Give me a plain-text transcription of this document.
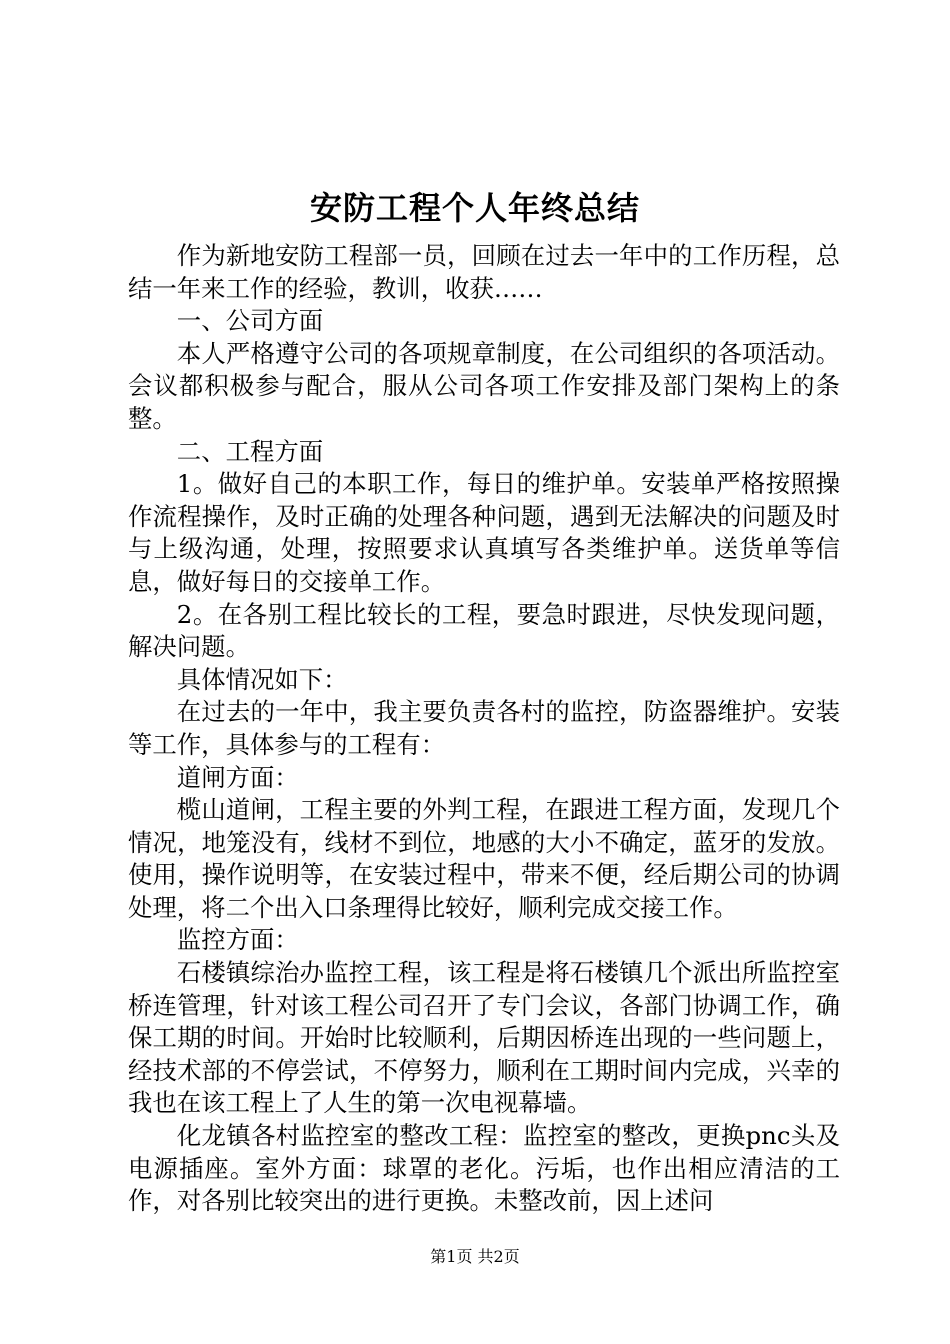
安防工程个人年终总结

作为新地安防工程部一员，回顾在过去一年中的工作历程，总结一年来工作的经验，教训，收获……

一、公司方面

本人严格遵守公司的各项规章制度，在公司组织的各项活动。会议都积极参与配合，服从公司各项工作安排及部门架构上的条整。

二、工程方面

1。做好自己的本职工作，每日的维护单。安装单严格按照操作流程操作，及时正确的处理各种问题，遇到无法解决的问题及时与上级沟通，处理，按照要求认真填写各类维护单。送货单等信息，做好每日的交接单工作。

2。在各别工程比较长的工程，要急时跟进，尽快发现问题，解决问题。

具体情况如下：

在过去的一年中，我主要负责各村的监控，防盗器维护。安装等工作，具体参与的工程有：

道闸方面：

榄山道闸，工程主要的外判工程，在跟进工程方面，发现几个情况，地笼没有，线材不到位，地感的大小不确定，蓝牙的发放。使用，操作说明等，在安装过程中，带来不便，经后期公司的协调处理，将二个出入口条理得比较好，顺利完成交接工作。

监控方面：

石楼镇综治办监控工程，该工程是将石楼镇几个派出所监控室桥连管理，针对该工程公司召开了专门会议，各部门协调工作，确保工期的时间。开始时比较顺利，后期因桥连出现的一些问题上，经技术部的不停尝试，不停努力，顺利在工期时间内完成，兴幸的我也在该工程上了人生的第一次电视幕墙。

化龙镇各村监控室的整改工程：监控室的整改，更换pnc头及电源插座。室外方面：球罩的老化。污垢，也作出相应清洁的工作，对各别比较突出的进行更换。未整改前，因上述问

第1页 共2页
